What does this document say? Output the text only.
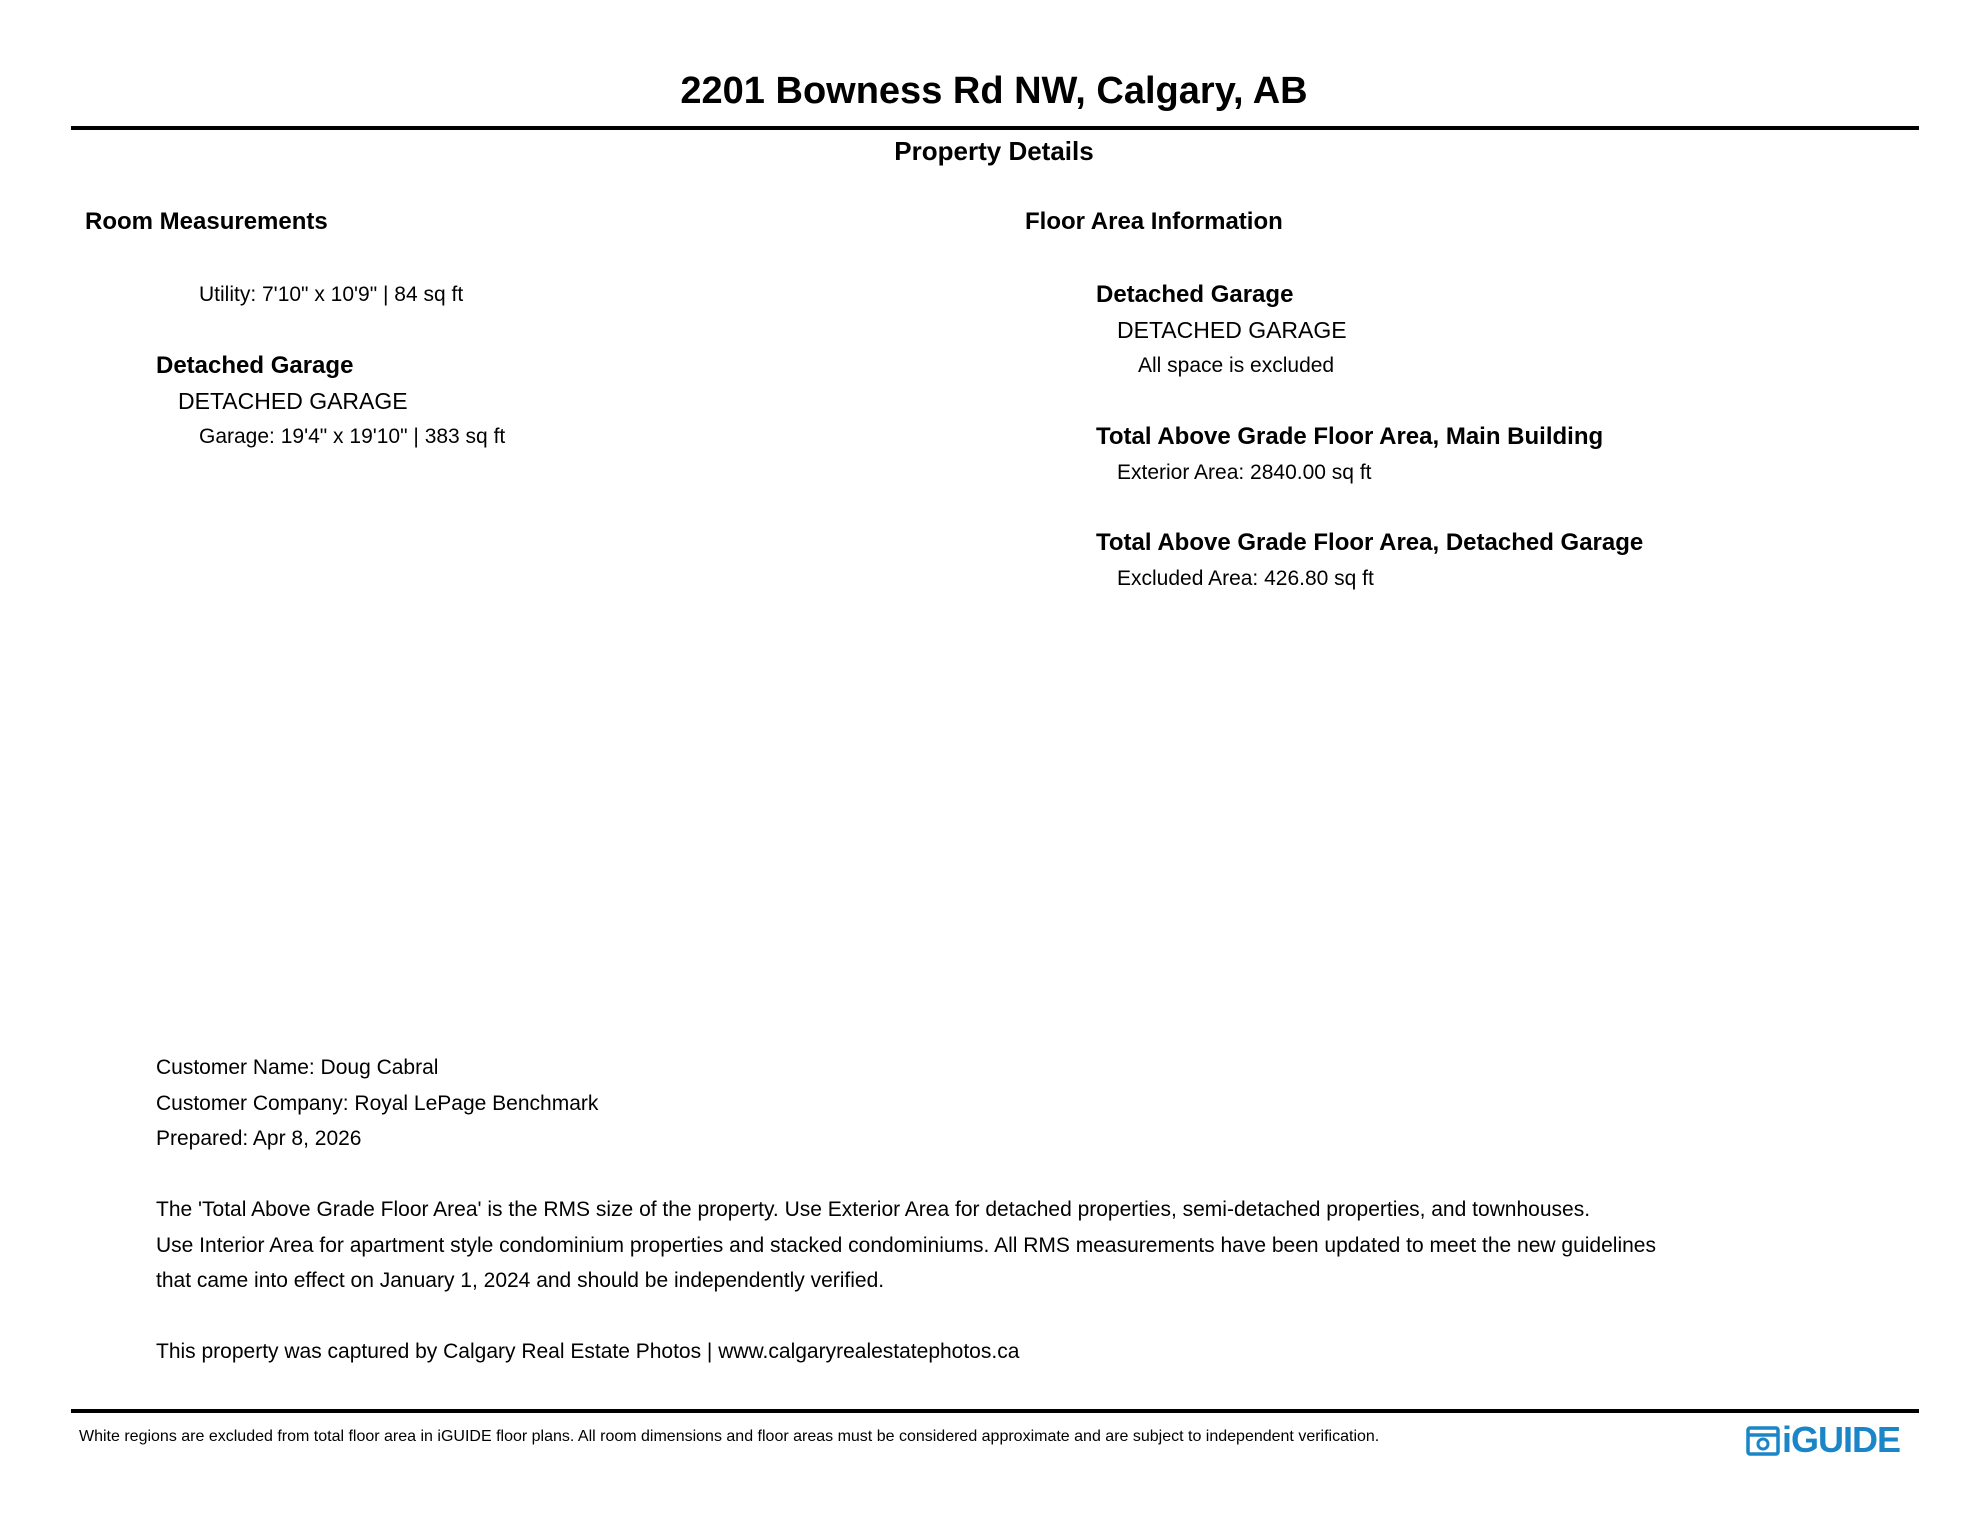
2201 Bowness Rd NW, Calgary, AB
Property Details
Room Measurements
Utility: 7'10" x 10'9" | 84 sq ft
Detached Garage
DETACHED GARAGE
Garage: 19'4" x 19'10" | 383 sq ft
Floor Area Information
Detached Garage
DETACHED GARAGE
All space is excluded
Total Above Grade Floor Area, Main Building
Exterior Area: 2840.00 sq ft
Total Above Grade Floor Area, Detached Garage
Excluded Area: 426.80 sq ft
Customer Name: Doug Cabral
Customer Company: Royal LePage Benchmark
Prepared: Apr 8, 2026
The 'Total Above Grade Floor Area' is the RMS size of the property. Use Exterior Area for detached properties, semi-detached properties, and townhouses.
Use Interior Area for apartment style condominium properties and stacked condominiums. All RMS measurements have been updated to meet the new guidelines
that came into effect on January 1, 2024 and should be independently verified.
This property was captured by Calgary Real Estate Photos | www.calgaryrealestatephotos.ca
White regions are excluded from total floor area in iGUIDE floor plans. All room dimensions and floor areas must be considered approximate and are subject to independent verification.	iGUIDE
